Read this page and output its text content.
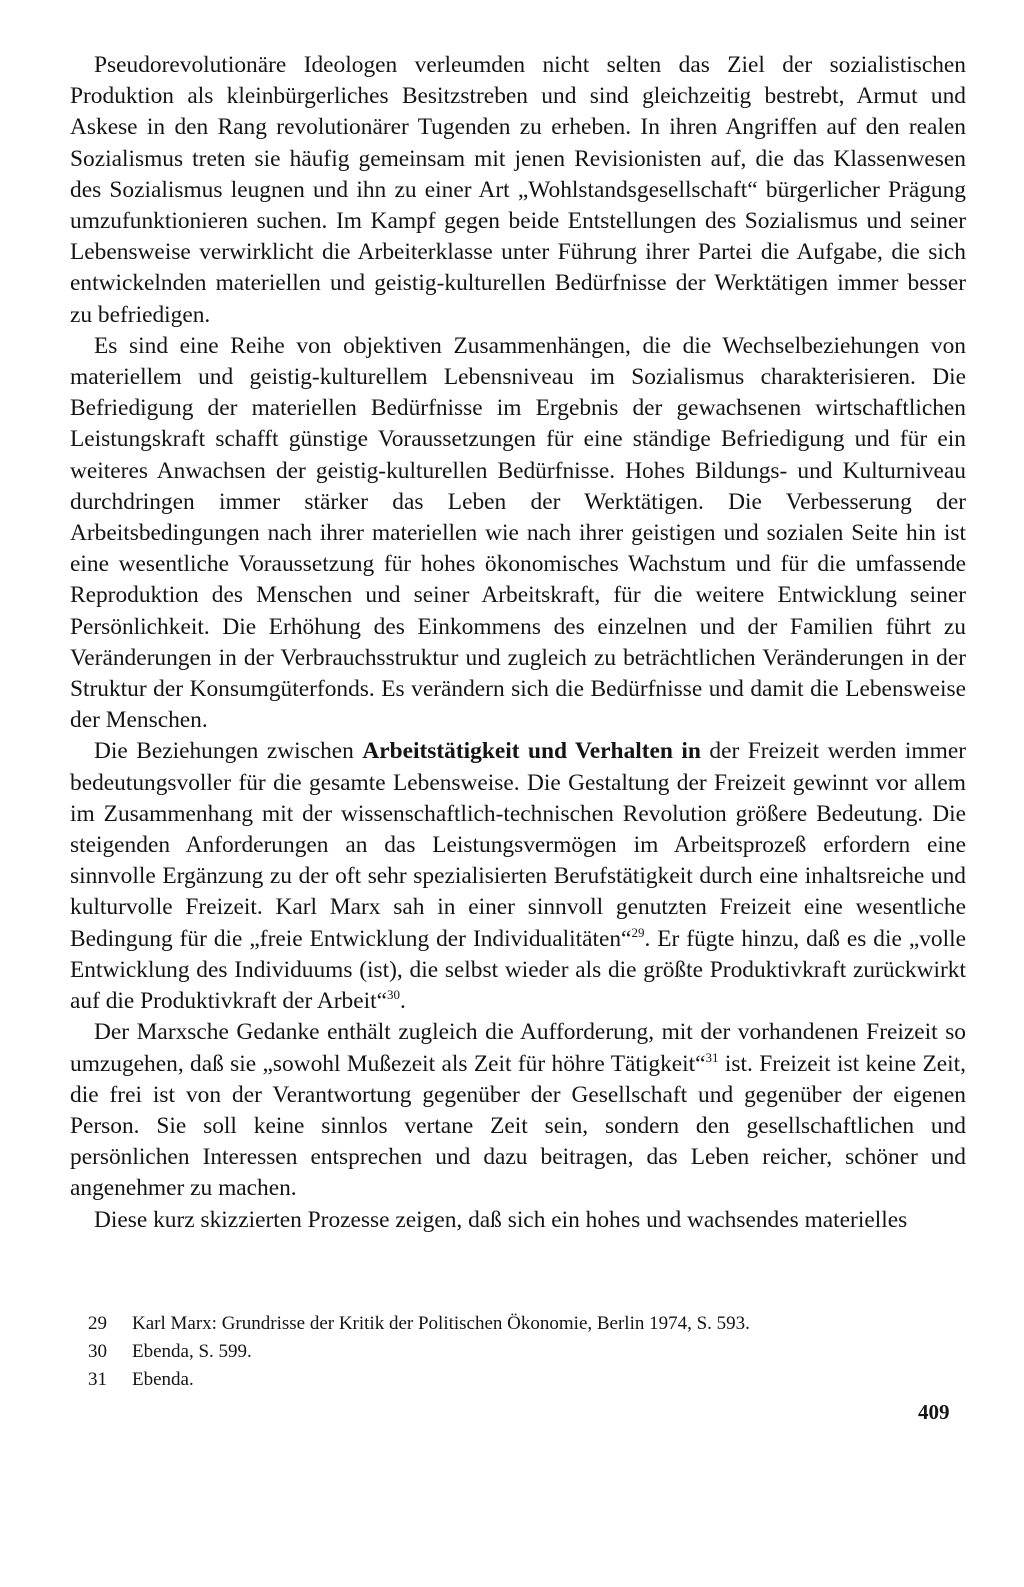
Pseudorevolutionäre Ideologen verleumden nicht selten das Ziel der sozialistischen Produktion als kleinbürgerliches Besitzstreben und sind gleichzeitig bestrebt, Armut und Askese in den Rang revolutionärer Tugenden zu erheben. In ihren Angriffen auf den realen Sozialismus treten sie häufig gemeinsam mit jenen Revisionisten auf, die das Klassenwesen des Sozialismus leugnen und ihn zu einer Art „Wohlstandsgesellschaft“ bürgerlicher Prägung umzufunktionieren suchen. Im Kampf gegen beide Entstellungen des Sozialismus und seiner Lebensweise verwirklicht die Arbeiterklasse unter Führung ihrer Partei die Aufgabe, die sich entwickelnden materiellen und geistig-kulturellen Bedürfnisse der Werktätigen immer besser zu befriedigen.

Es sind eine Reihe von objektiven Zusammenhängen, die die Wechselbeziehungen von materiellem und geistig-kulturellem Lebensniveau im Sozialismus charakterisieren. Die Befriedigung der materiellen Bedürfnisse im Ergebnis der gewachsenen wirtschaftlichen Leistungskraft schafft günstige Voraussetzungen für eine ständige Befriedigung und für ein weiteres Anwachsen der geistig-kulturellen Bedürfnisse. Hohes Bildungs- und Kulturniveau durchdringen immer stärker das Leben der Werktätigen. Die Verbesserung der Arbeitsbedingungen nach ihrer materiellen wie nach ihrer geistigen und sozialen Seite hin ist eine wesentliche Voraussetzung für hohes ökonomisches Wachstum und für die umfassende Reproduktion des Menschen und seiner Arbeitskraft, für die weitere Entwicklung seiner Persönlichkeit. Die Erhöhung des Einkommens des einzelnen und der Familien führt zu Veränderungen in der Verbrauchsstruktur und zugleich zu beträchtlichen Veränderungen in der Struktur der Konsumgüterfonds. Es verändern sich die Bedürfnisse und damit die Lebensweise der Menschen.

Die Beziehungen zwischen Arbeitstätigkeit und Verhalten in der Freizeit werden immer bedeutungsvoller für die gesamte Lebensweise. Die Gestaltung der Freizeit gewinnt vor allem im Zusammenhang mit der wissenschaftlich-technischen Revolution größere Bedeutung. Die steigenden Anforderungen an das Leistungsvermögen im Arbeitsprozeß erfordern eine sinnvolle Ergänzung zu der oft sehr spezialisierten Berufstätigkeit durch eine inhaltsreiche und kulturvolle Freizeit. Karl Marx sah in einer sinnvoll genutzten Freizeit eine wesentliche Bedingung für die „freie Entwicklung der Individualitäten“$^{29}$. Er fügte hinzu, daß es die „volle Entwicklung des Individuums (ist), die selbst wieder als die größte Produktivkraft zurückwirkt auf die Produktivkraft der Arbeit“$^{30}$.

Der Marxsche Gedanke enthält zugleich die Aufforderung, mit der vorhandenen Freizeit so umzugehen, daß sie „sowohl Mußezeit als Zeit für höhre Tätigkeit“$^{31}$ ist. Freizeit ist keine Zeit, die frei ist von der Verantwortung gegenüber der Gesellschaft und gegenüber der eigenen Person. Sie soll keine sinnlos vertane Zeit sein, sondern den gesellschaftlichen und persönlichen Interessen entsprechen und dazu beitragen, das Leben reicher, schöner und angenehmer zu machen.

Diese kurz skizzierten Prozesse zeigen, daß sich ein hohes und wachsendes materielles

29	Karl Marx: Grundrisse der Kritik der Politischen Ökonomie, Berlin 1974, S. 593.
30	Ebenda, S. 599.
31	Ebenda.
409
